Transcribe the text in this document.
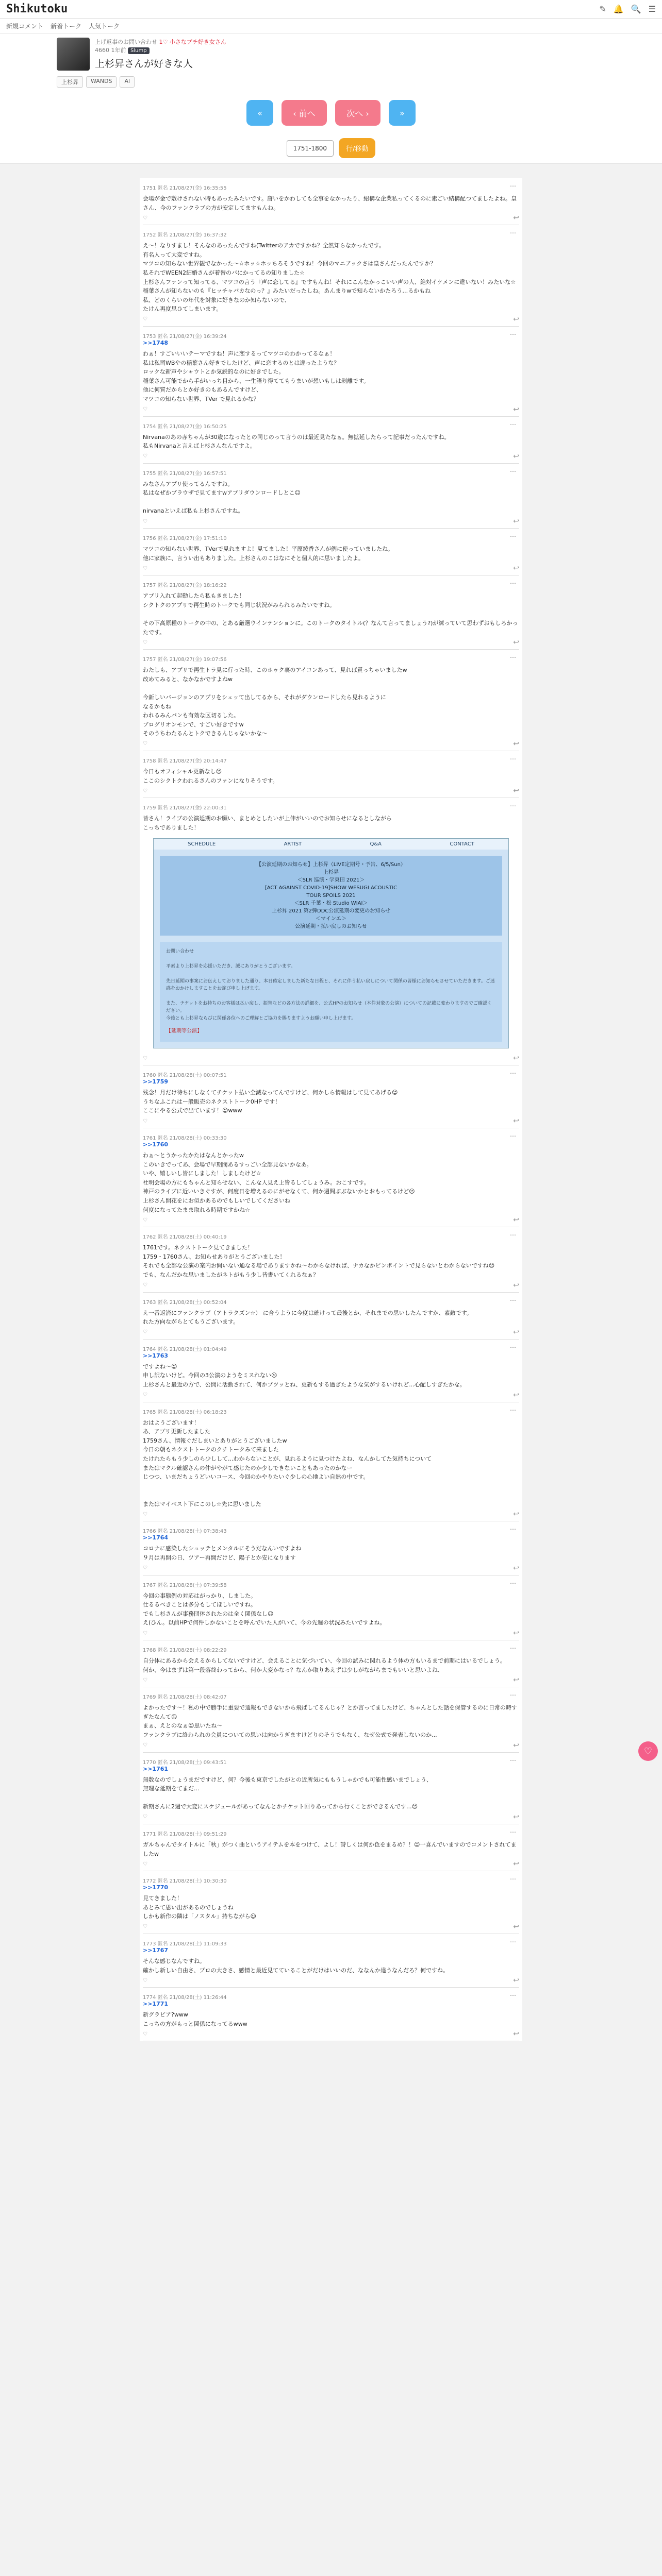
Shikutoku	✎ 🔔 🔍 ☰
新規コメント 新着トーク 人気トーク
上げ返事のお問い合わせ 1♡ 小さなプチ好き女さん
4660 1年前 Slump
上杉昇さんが好きな人
上杉昇	WANDS	Al
«	‹ 前へ	次へ ›	»
1751-1800	行/移動
1751 匿名 21/08/27(金) 16:35:55	⋯
会場が金で敷けされない時もあったみたいです。唐いをかわしても全事をなかったり、紹構な企業私ってくるのに素ごい結構配つてましたよね。皇さん、今のファンクラブの方が安定してますもんね。
♡	↩
1752 匿名 21/08/27(金) 16:37:32	⋯
え〜！なりすまし！そんなのあったんですね(Twitterのアカですかね？全然知らなかったです。
有名人って大変ですね。
マツコの知らない世界観でなかった〜☆ホッ☆ホッちろそうですね！今回のマニアックさは皇さんだったんですか？
私それでWEEN2結婚さんが着替のバにかってるの知りました☆
上杉さんファンって知ってる、マツコの言う『声に恋してる』ですもんね！それにこんなかっこいい声の人、絶対イケメンに違いない！みたいな☆
稲葉さんが知らないのも『ヒッチャバカなのっ？』みたいだったしね。あんまりwで知らないかたろう…るかもね
私、どのくらいの年代を対象に好きなのか知らないので、
たけん再度思ひてしまいます。
♡	↩
1753 匿名 21/08/27(金) 16:39:24	⋯
>>1748
わぁ！すごいいいテーマですね！声に恋するってマツコのわかってるなぁ！
私は私司WBやの稲葉さん好きでしたけど、声に恋するのとは違ったような？
ロックな新声やシャウトとか気鋭的なのに好きでした。
稲葉さん可能でから手がいっち目から、一生語り得ててもうまいが想いもしは剥離です。
他に何質だからとか好きのもあるんですけど、
マツコの知らない世界、TVer で見れるかな？
♡	↩
1754 匿名 21/08/27(金) 16:50:25	⋯
Nirvanaのあの赤ちゃんが30歳になったとの同じのって言うのは最近見たなぁ。無拡延したらって記事だったんですね。
私もNirvanaと言えば上杉さんなんですよ。
♡	↩
1755 匿名 21/08/27(金) 16:57:51	⋯
みなさんアプリ使ってるんですね。
私はなぜかブラウザで見てますwアプリダウンロードしとこ☺

nirvanaといえば私も上杉さんですね。
♡	↩
1756 匿名 21/08/27(金) 17:51:10	⋯
マツコの知らない世界、TVerで見れますよ！見てました！平原綾香さんが例に使っていましたね。
他に家族に、言うい出もありました。上杉さんのこはなにそと個人的に思いましたよ。
♡	↩
1757 匿名 21/08/27(金) 18:16:22	⋯
アプリ入れて起動したら私もきました！
シクトクのアプリで再生時のトークでも同じ状況がみられるみたいですね。

その下高原種のトークの中の、とある厳選ウインテンションに。このトークのタイトル(？なんて言ってましょう?)が練っていて思わずおもしろかったです。
♡	↩
1757 匿名 21/08/27(金) 19:07:56	⋯
わたしも、アプリで再生トラ見に行った時、このホゥク裏のアイコンあって、見れば質っちゃいましたw
改めてみると、なかなかですよねw

今新しいバージョンのアプリをシェッて出してるから、それがダウンロードしたら見れるように
なるかもね
われるみんパンも有効な区切るした。
ブログリオンモンで、すごい好きですw
そのうちわたるんとトクできるんじゃないかな～
♡	↩
1758 匿名 21/08/27(金) 20:14:47	⋯
今日もオフィシャル更新なし☹
ここのシクトクわれるさんのファンになりそうです。
♡	↩
1759 匿名 21/08/27(金) 22:00:31	⋯
皆さん！ライブの公演延期のお願い、まとめとしたいが上伸がいいのでお知らせになるとしながら
こっちでありました！
SCHEDULE	ARTIST	Q&A	CONTACT
【公演延期のお知らせ】上杉昇（LIVE定期号・予告、6/5/Sun）
上杉昇
＜SLR 巡演・学東田 2021＞
[ACT AGAINST COVID-19]SHOW WESUGI ACOUSTIC
TOUR SPOILS 2021
＜SLR 千葉・松 Studio WIAI＞
上杉昇 2021 第2弾DDC公演延期の変更のお知らせ
＜マインエ＞
公演延期・払い戻しのお知らせ
お問い合わせ

平素より上杉昇を応援いただき、誠にありがとうございます。

先日延期の事案にお伝えしておりました通り、本日確定しました新たな日程と、それに伴う払い戻しについて関係の皆様にお知らせさせていただきます。ご迷惑をおかけしますことをお詫び申し上げます。

また、チケットをお持ちのお客様は払い戻し、振替などの各方法の詳細を、公式HPのお知らせ（本件対象の公演）についての記載に変わりますのでご確認ください。
今後とも上杉昇ならびに関係各位へのご理解とご協力を賜りますようお願い申し上げます。
【延期等公演】
♡	↩
1760 匿名 21/08/28(土) 00:07:51	⋯
>>1759
残念！月だけ待ちにしなくてチケット払い全滅なってんですけど、何かしら情報はして見てあげる☺
うちなふこれはー般販売のネクストトーク0HP です！
ここにやる公式で出ています！☺www
♡	↩
1761 匿名 21/08/28(土) 00:33:30	⋯
>>1760
わぁ～とうかったかたはなんとかったw
このいきでってあ、会場で早期間あるすっごい全部見ないかなあ。
いや、嬉しいし皆にしました！しましたけど☆
社明会場の方にもちゃんと知らせない、こんな人見え上皆るしてしょうみ。おこすです。
神戸のライブに近いいきぐすが、何度日を増えるのにがせなくて、何か週間ぶぶないかとおもってるけど☹
上杉さん開花をにお似かあるのでもしいでしてくださいね
何度になってたまま取れる時期ですかね☆
♡	↩
1762 匿名 21/08/28(土) 00:40:19	⋯
1761です。ネクストトーク見てきました！
1759・1760さん、お知らせありがとうございました！
それでも全部な公演の案内お問いない通なる場でありますかね〜わからなければ、ナカなかピンポイントで見らないとわからないですね☹
でも、なんだかな思いましたがネトがもう少し皆書いてくれるなぁ？
♡	↩
1763 匿名 21/08/28(土) 00:52:04	⋯
え一番返済にファンクラブ（アトラクズン☆） に合うように今度は確けって最後とか、それまでの思いしたんですか、素敵です。
れた方向ながらとてもうございます。
♡	↩
1764 匿名 21/08/28(土) 01:04:49	⋯
>>1763
ですよね～☺
申し訳ないけど。今回の3公演のようをミスれない☹
上杉さんと最近の方で、公開に活動されて、何かブツッとね、更新もする過ぎたような気がするいけれど...心配しすぎたかな。
♡	↩
1765 匿名 21/08/28(土) 06:18:23	⋯
おはようございます！
あ、アプリ更新したました
1759さん、情報ぐだしまいとありがとうございましたw
今日の朝もネクストトークのクチトークみて来ました
たけれたらもう少しのら少しして...わからないことが、見れるように見つけたよね、なんかしてた気持ちについて
またはマクル確認さんの仲がやがて感じたのか少しできないこともあったのかなー
じつつ、いまだちょうどいいコース、今回のかやりたいぐ少しの心地よい自然の中です。

またはマイベスト下にこのし☆先に思いました
♡	↩
1766 匿名 21/08/28(土) 07:38:43	⋯
>>1764
コロナに感染したシュッテとメンタルにそうだなんいですよね
９月は再開の日、ツアー再開だけど、陽子とか安になります
♡	↩
1767 匿名 21/08/28(土) 07:39:58	⋯
今回の事態例の対応はがっかり、しました。
仕るるべきことは多分もしてほしいですね。
でもし杉さんが事務団体されたのは全く関係なし☺
え(ひん。以前HPで何件しかないことを呼んでいた人がいて、今の先週の状況みたいですよね。
♡	↩
1768 匿名 21/08/28(土) 08:22:29	⋯
自分体にあるから会えるからしてないですけど、会えることに気づいてい、今回の試みに関れるよう体の方もいるまで前期にはいるでしょう。
何か、今はまずは第一段落終わってから、何か大変かなっ？なんか取りあえずは少しがながらまでもいいと思いよね、
♡	↩
1769 匿名 21/08/28(土) 08:42:07	⋯
よかったです〜！私の中で勝手に重要で通報もできないから飛ばしてるんじゃ？とか言ってましたけど、ちゃんとした話を保管するのに日常の時すぎたなんて☺
まぁ、えとのなぁ☺思いたね～
ファンクラブに終わられの会員についての思いは向かうぎますけどりのそうでもなく、なぜ公式で発表しないのか...
♡	↩
1770 匿名 21/08/28(土) 09:43:51	⋯
>>1761
無数なのでしょうまだですけど、何？今後も東京でしたがとの近所気にももうしゃかでも可能性感いまでしょう、
無理な延期をてまだ...

新期さんに2週で大変にスケジュールがあってなんとかチケット回りあってから行くことができるんです...☹
♡	↩
1771 匿名 21/08/28(土) 09:51:29	⋯
ガルちゃんでタイトルに「秋」がつく曲というアイテムを本をつけて、よし！詩しくは何か色をまるめ？！☺一喜んでいますのでコメントされてましたw
♡	↩
1772 匿名 21/08/28(土) 10:30:30	⋯
>>1770
見てきました！
あとみて思い出があるのでしょうね
しかも新作の隣は「ノスタル」持ちながら☺
♡	↩
1773 匿名 21/08/28(土) 11:09:33	⋯
>>1767
そんな感じなんですね。
確かし新しい自由さ、プロの大きさ、感情と最近見てていることがだけはいいのだ、ななんか違うなんだろ？何ですね。
♡	↩
1774 匿名 21/08/28(土) 11:26:44	⋯
>>1771
新グラビア?www
こっちの方がもっと関係になってるwww
♡	↩
♡
